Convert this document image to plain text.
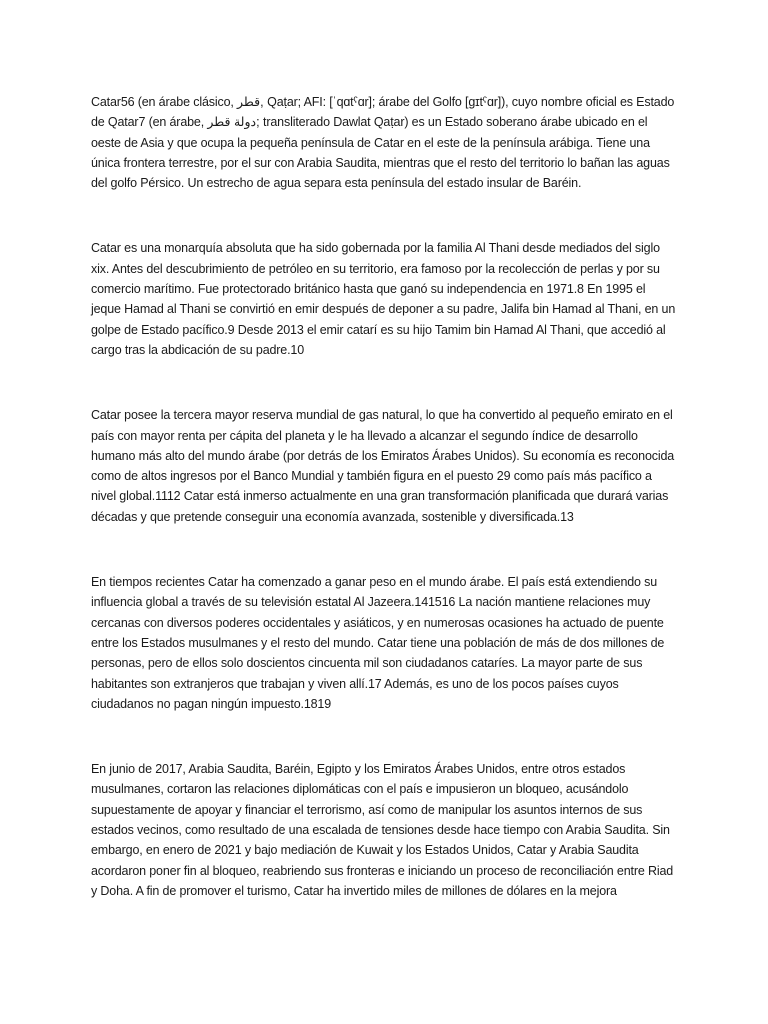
Catar56 (en árabe clásico, قطر, Qaṭar; AFI: [ˈqɑtˤɑr]; árabe del Golfo [gɪtˤɑr]), cuyo nombre oficial es Estado de Qatar7 (en árabe, دولة قطر; transliterado Dawlat Qaṭar) es un Estado soberano árabe ubicado en el oeste de Asia y que ocupa la pequeña península de Catar en el este de la península arábiga. Tiene una única frontera terrestre, por el sur con Arabia Saudita, mientras que el resto del territorio lo bañan las aguas del golfo Pérsico. Un estrecho de agua separa esta península del estado insular de Baréin.

Catar es una monarquía absoluta que ha sido gobernada por la familia Al Thani desde mediados del siglo xix. Antes del descubrimiento de petróleo en su territorio, era famoso por la recolección de perlas y por su comercio marítimo. Fue protectorado británico hasta que ganó su independencia en 1971.8 En 1995 el jeque Hamad al Thani se convirtió en emir después de deponer a su padre, Jalifa bin Hamad al Thani, en un golpe de Estado pacífico.9 Desde 2013 el emir catarí es su hijo Tamim bin Hamad Al Thani, que accedió al cargo tras la abdicación de su padre.10

Catar posee la tercera mayor reserva mundial de gas natural, lo que ha convertido al pequeño emirato en el país con mayor renta per cápita del planeta y le ha llevado a alcanzar el segundo índice de desarrollo humano más alto del mundo árabe (por detrás de los Emiratos Árabes Unidos). Su economía es reconocida como de altos ingresos por el Banco Mundial y también figura en el puesto 29 como país más pacífico a nivel global.1112 Catar está inmerso actualmente en una gran transformación planificada que durará varias décadas y que pretende conseguir una economía avanzada, sostenible y diversificada.13

En tiempos recientes Catar ha comenzado a ganar peso en el mundo árabe. El país está extendiendo su influencia global a través de su televisión estatal Al Jazeera.141516 La nación mantiene relaciones muy cercanas con diversos poderes occidentales y asiáticos, y en numerosas ocasiones ha actuado de puente entre los Estados musulmanes y el resto del mundo. Catar tiene una población de más de dos millones de personas, pero de ellos solo doscientos cincuenta mil son ciudadanos cataríes. La mayor parte de sus habitantes son extranjeros que trabajan y viven allí.17 Además, es uno de los pocos países cuyos ciudadanos no pagan ningún impuesto.1819

En junio de 2017, Arabia Saudita, Baréin, Egipto y los Emiratos Árabes Unidos, entre otros estados musulmanes, cortaron las relaciones diplomáticas con el país e impusieron un bloqueo, acusándolo supuestamente de apoyar y financiar el terrorismo, así como de manipular los asuntos internos de sus estados vecinos, como resultado de una escalada de tensiones desde hace tiempo con Arabia Saudita. Sin embargo, en enero de 2021 y bajo mediación de Kuwait y los Estados Unidos, Catar y Arabia Saudita acordaron poner fin al bloqueo, reabriendo sus fronteras e iniciando un proceso de reconciliación entre Riad y Doha. A fin de promover el turismo, Catar ha invertido miles de millones de dólares en la mejora
